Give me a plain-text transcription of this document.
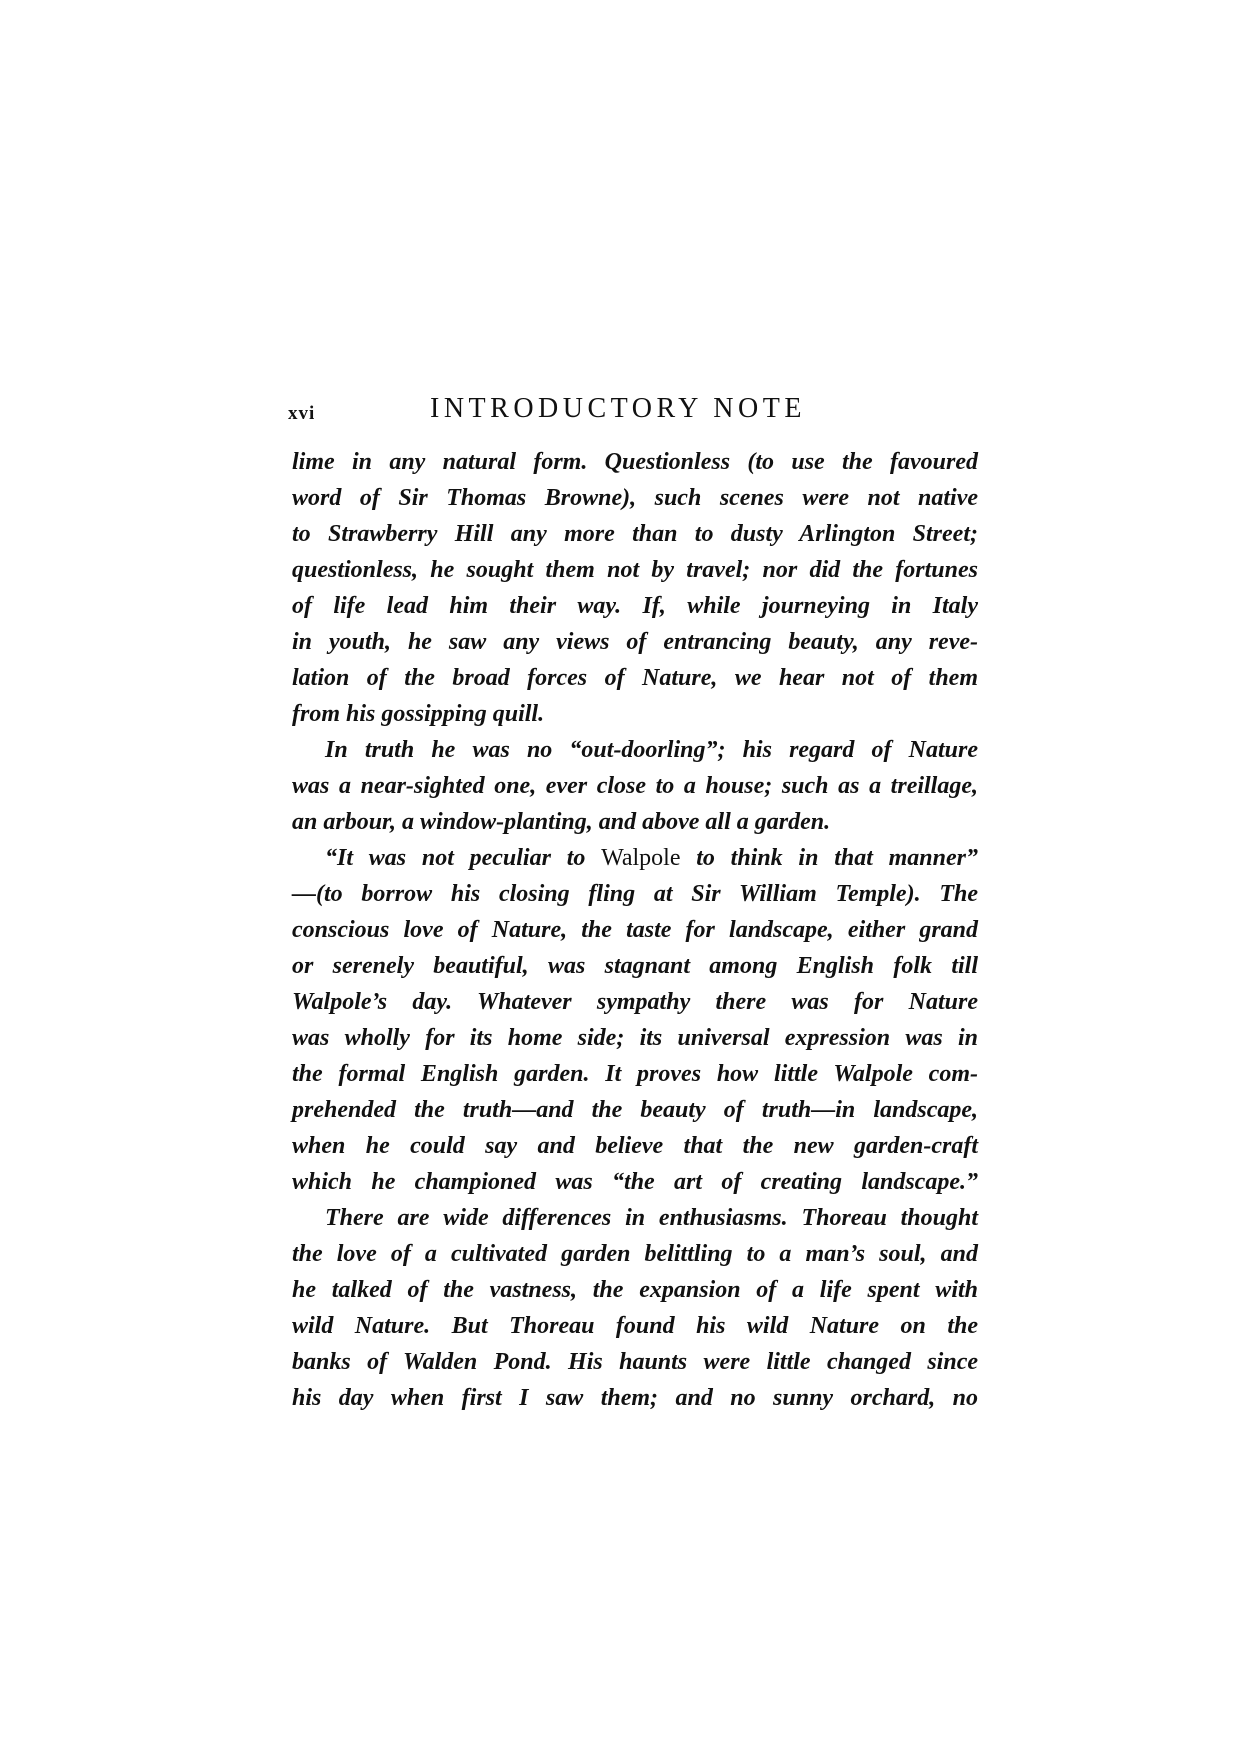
xvi	INTRODUCTORY NOTE
lime in any natural form. Questionless (to use the favoured
word of Sir Thomas Browne), such scenes were not native
to Strawberry Hill any more than to dusty Arlington Street;
questionless, he sought them not by travel; nor did the fortunes
of life lead him their way. If, while journeying in Italy
in youth, he saw any views of entrancing beauty, any reve-
lation of the broad forces of Nature, we hear not of them
from his gossipping quill.
In truth he was no “out-doorling”; his regard of Nature
was a near-sighted one, ever close to a house; such as a treillage,
an arbour, a window-planting, and above all a garden.
“It was not peculiar to Walpole to think in that manner”
—(to borrow his closing fling at Sir William Temple). The
conscious love of Nature, the taste for landscape, either grand
or serenely beautiful, was stagnant among English folk till
Walpole’s day. Whatever sympathy there was for Nature
was wholly for its home side; its universal expression was in
the formal English garden. It proves how little Walpole com-
prehended the truth—and the beauty of truth—in landscape,
when he could say and believe that the new garden-craft
which he championed was “the art of creating landscape.”
There are wide differences in enthusiasms. Thoreau thought
the love of a cultivated garden belittling to a man’s soul, and
he talked of the vastness, the expansion of a life spent with
wild Nature. But Thoreau found his wild Nature on the
banks of Walden Pond. His haunts were little changed since
his day when first I saw them; and no sunny orchard, no
